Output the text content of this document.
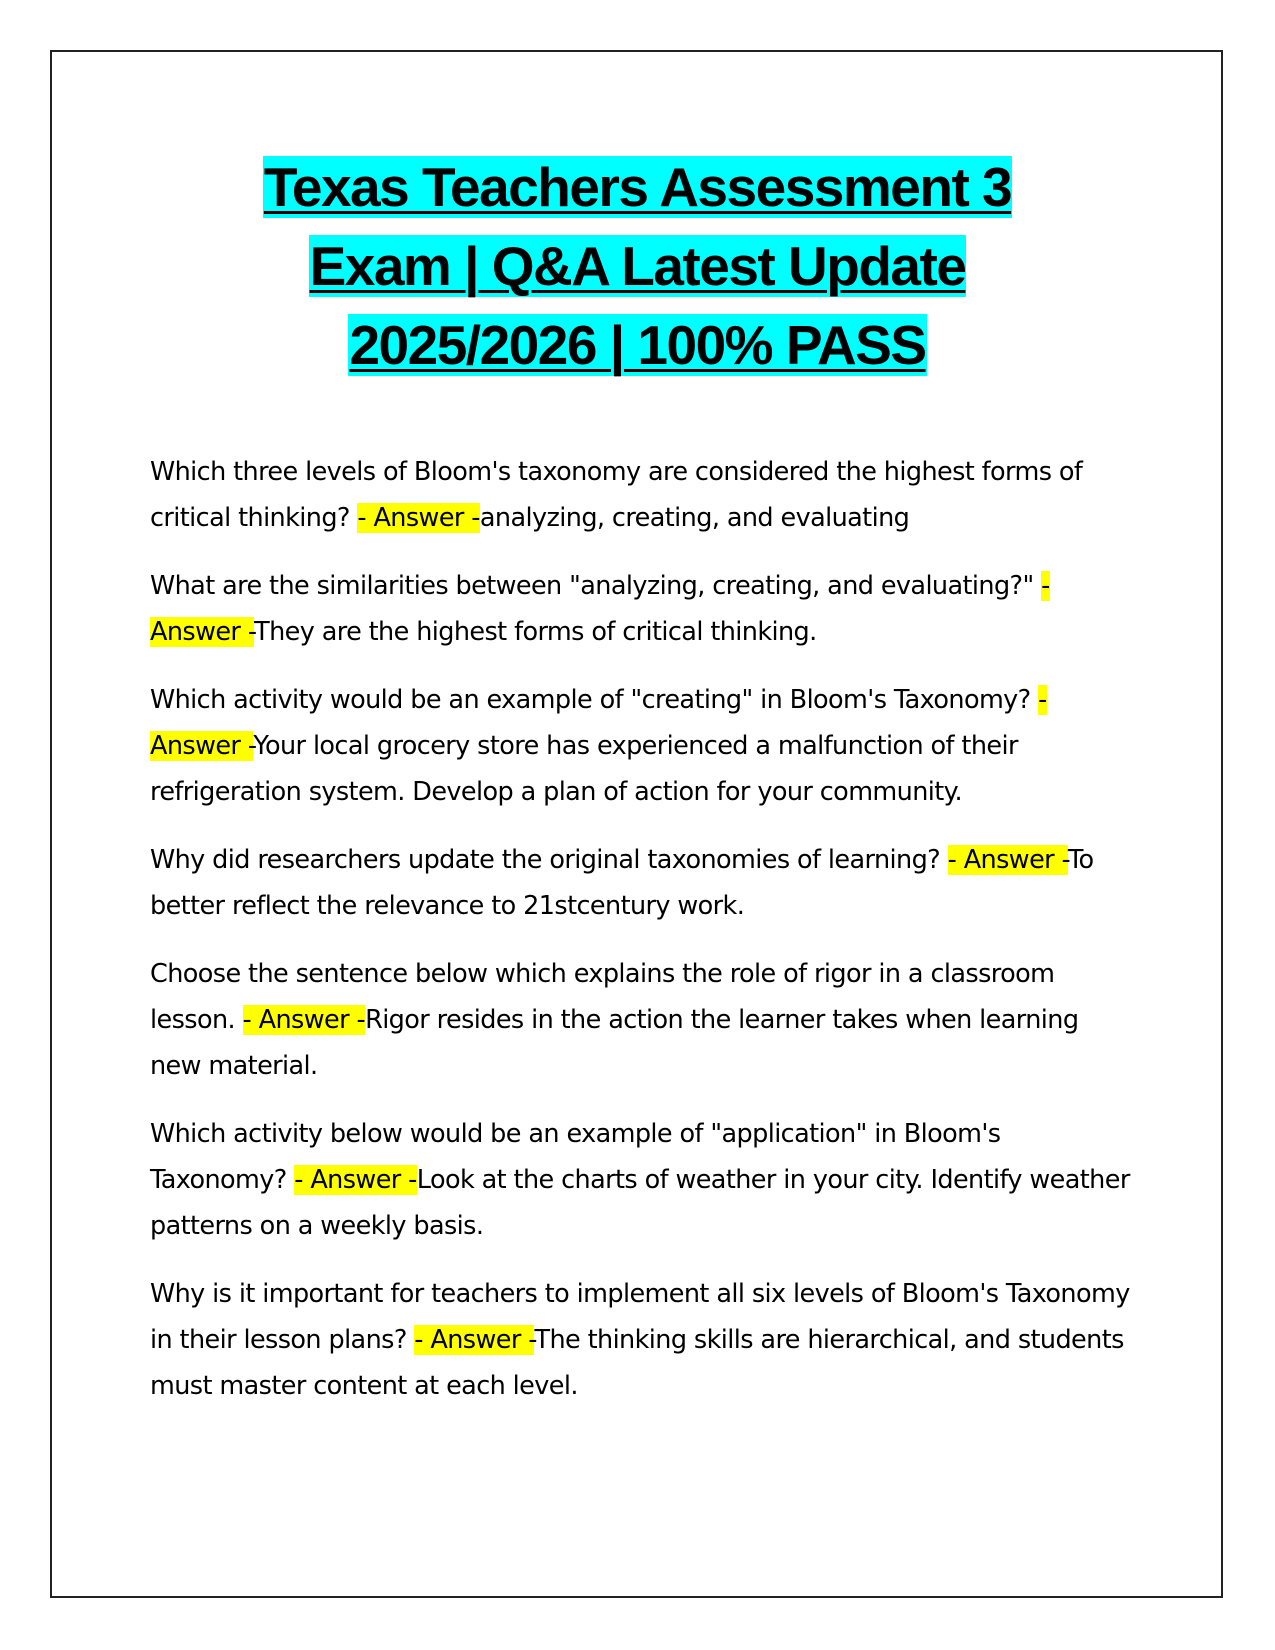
Texas Teachers Assessment 3
Exam | Q&A Latest Update
2025/2026 | 100% PASS

Which three levels of Bloom's taxonomy are considered the highest forms of critical thinking? - Answer -analyzing, creating, and evaluating

What are the similarities between "analyzing, creating, and evaluating?" - Answer -They are the highest forms of critical thinking.

Which activity would be an example of "creating" in Bloom's Taxonomy? - Answer -Your local grocery store has experienced a malfunction of their refrigeration system. Develop a plan of action for your community.

Why did researchers update the original taxonomies of learning? - Answer -To better reflect the relevance to 21stcentury work.

Choose the sentence below which explains the role of rigor in a classroom lesson. - Answer -Rigor resides in the action the learner takes when learning new material.

Which activity below would be an example of "application" in Bloom's Taxonomy? - Answer -Look at the charts of weather in your city. Identify weather patterns on a weekly basis.

Why is it important for teachers to implement all six levels of Bloom's Taxonomy in their lesson plans? - Answer -The thinking skills are hierarchical, and students must master content at each level.
